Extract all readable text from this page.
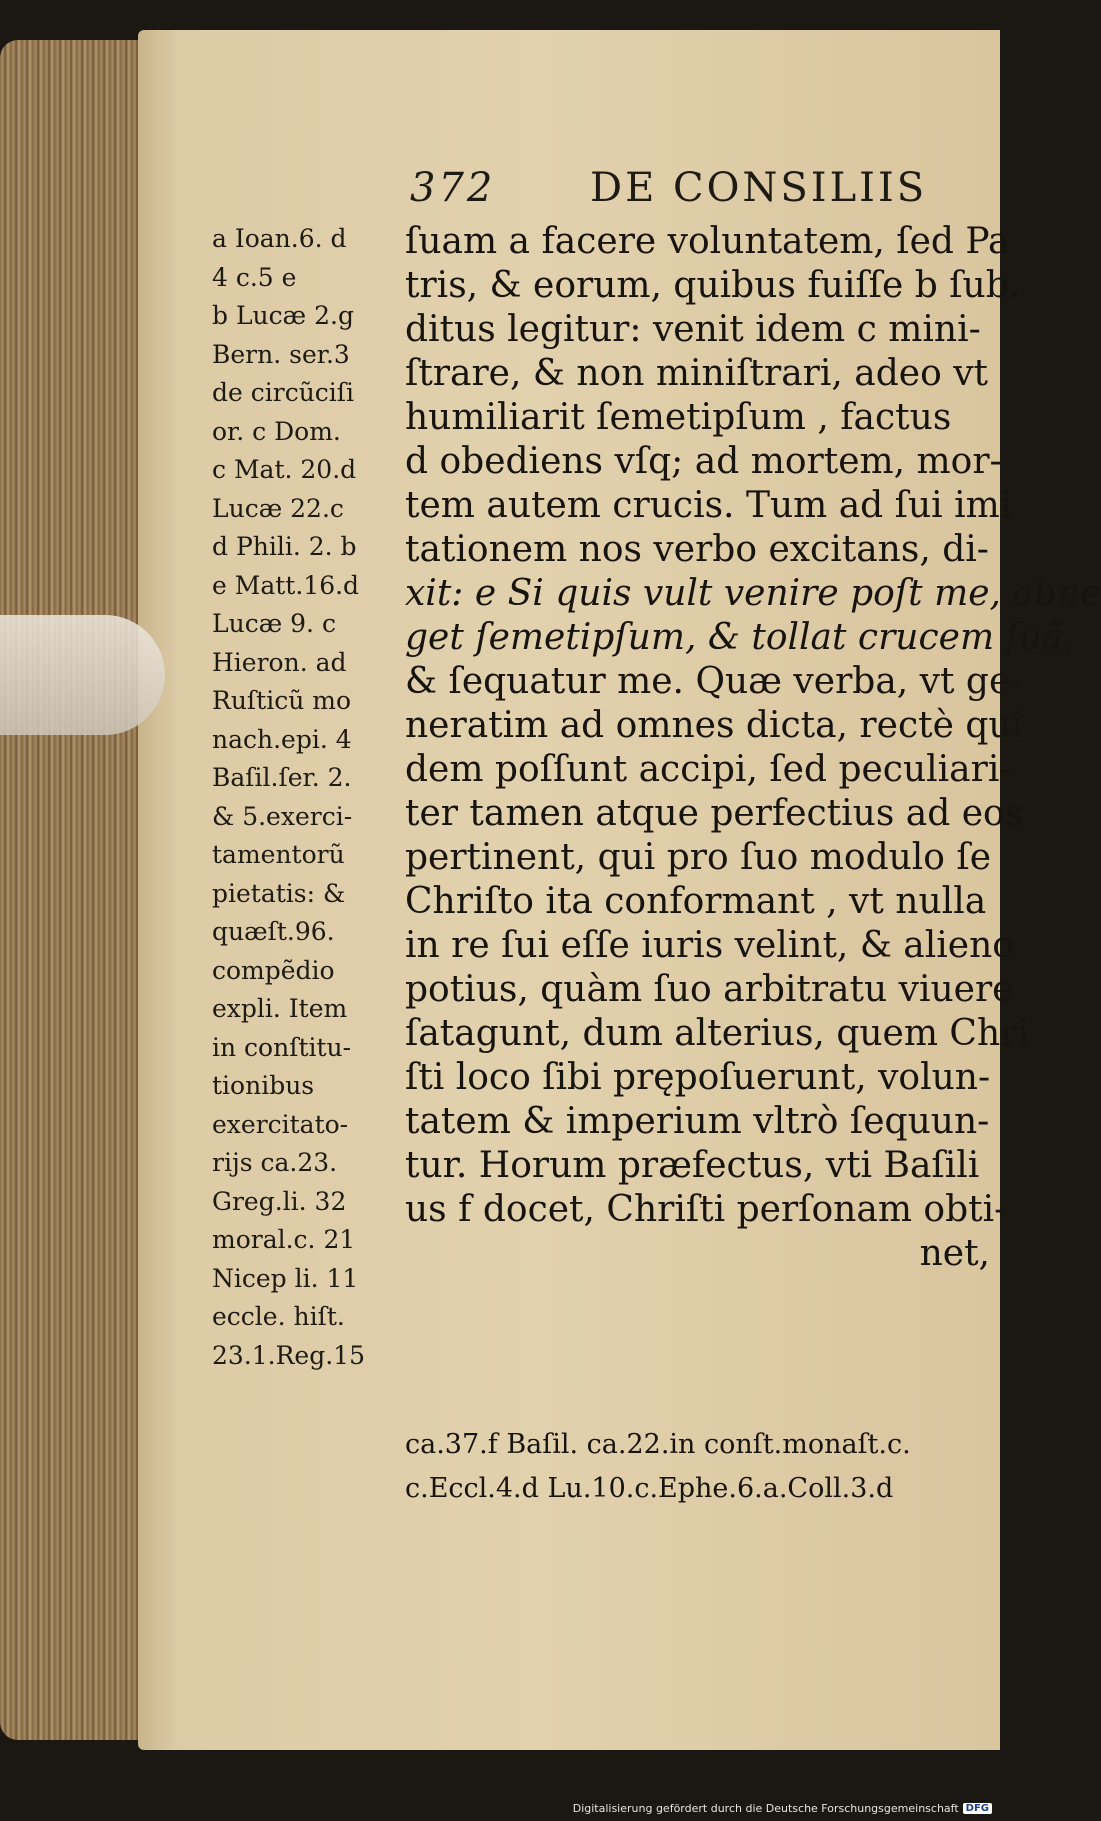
372 DE CONSILIIS
a Ioan.6. d
4 c.5 e
b Lucæ 2.g
Bern. ser.3
de circũciſi
or. c Dom.
c Mat. 20.d
Lucæ 22.c
d Phili. 2. b
e Matt.16.d
Lucæ 9. c
Hieron. ad
Ruſticũ mo
nach.epi. 4
Baſil.ſer. 2.
& 5.exerci-
tamentorũ
pietatis: &
quæſt.96.
compẽdio
expli. Item
in conſtitu-
tionibus
exercitato-
rijs ca.23.
Greg.li. 32
moral.c. 21
Nicep li. 11
eccle. hiſt.
23.1.Reg.15
ſuam a facere voluntatem, ſed Pa
tris, & eorum, quibus fuiſſe b ſub.
ditus legitur: venit idem c mini-
ſtrare, & non miniſtrari, adeo vt
humiliarit ſemetipſum , factus
d obediens vſq; ad mortem, mor-
tem autem crucis. Tum ad ſui imi
tationem nos verbo excitans, di-
xit: e Si quis vult venire poſt me, abne
get ſemetipſum, & tollat crucem ſuã,
& ſequatur me. Quæ verba, vt ge-
neratim ad omnes dicta, rectè qui
dem poſſunt accipi, ſed peculiari-
ter tamen atque perfectius ad eos
pertinent, qui pro ſuo modulo ſe
Chriſto ita conformant , vt nulla
in re ſui eſſe iuris velint, & alieno
potius, quàm ſuo arbitratu viuere
ſatagunt, dum alterius, quem Chri
ſti loco ſibi prępoſuerunt, volun-
tatem & imperium vltrò ſequun-
tur. Horum præfectus, vti Baſili
us f docet, Chriſti perſonam obti-
net,
ca.37.f Baſil. ca.22.in conſt.monaſt.c.
c.Eccl.4.d Lu.10.c.Ephe.6.a.Coll.3.d
Digitalisierung gefördert durch die Deutsche Forschungsgemeinschaft DFG
